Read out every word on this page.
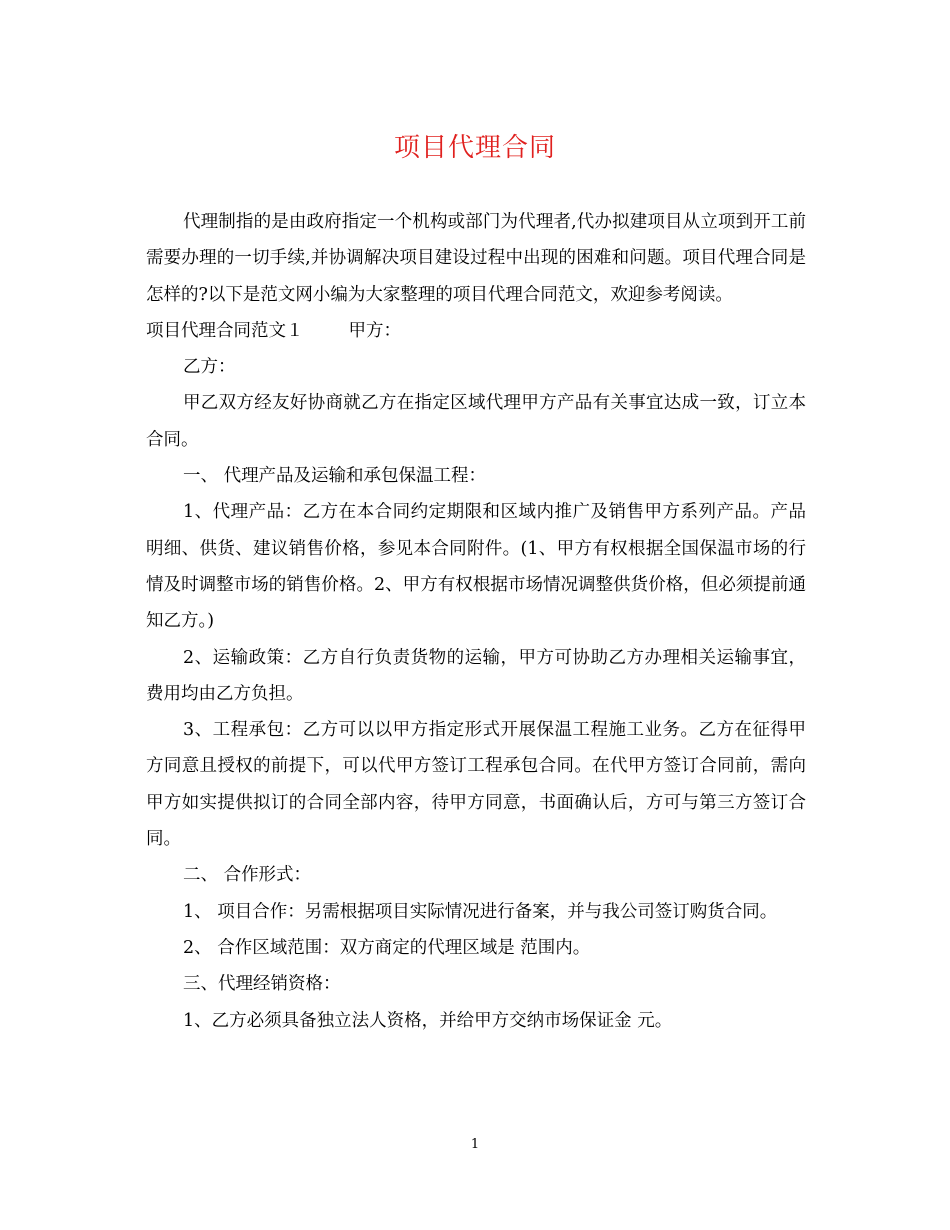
项目代理合同

代理制指的是由政府指定一个机构或部门为代理者,代办拟建项目从立项到开工前需要办理的一切手续,并协调解决项目建设过程中出现的困难和问题。项目代理合同是怎样的?以下是范文网小编为大家整理的项目代理合同范文，欢迎参考阅读。

项目代理合同范文１	甲方：

乙方：

甲乙双方经友好协商就乙方在指定区域代理甲方产品有关事宜达成一致，订立本合同。

一、 代理产品及运输和承包保温工程：

1、代理产品：乙方在本合同约定期限和区域内推广及销售甲方系列产品。产品明细、供货、建议销售价格，参见本合同附件。(1、甲方有权根据全国保温市场的行情及时调整市场的销售价格。2、甲方有权根据市场情况调整供货价格，但必须提前通知乙方。)

2、运输政策：乙方自行负责货物的运输，甲方可协助乙方办理相关运输事宜，费用均由乙方负担。

3、工程承包：乙方可以以甲方指定形式开展保温工程施工业务。乙方在征得甲方同意且授权的前提下，可以代甲方签订工程承包合同。在代甲方签订合同前，需向甲方如实提供拟订的合同全部内容，待甲方同意，书面确认后，方可与第三方签订合同。

二、 合作形式：

1、 项目合作：另需根据项目实际情况进行备案，并与我公司签订购货合同。

2、 合作区域范围：双方商定的代理区域是 范围内。

三、代理经销资格：

1、乙方必须具备独立法人资格，并给甲方交纳市场保证金 元。

1
